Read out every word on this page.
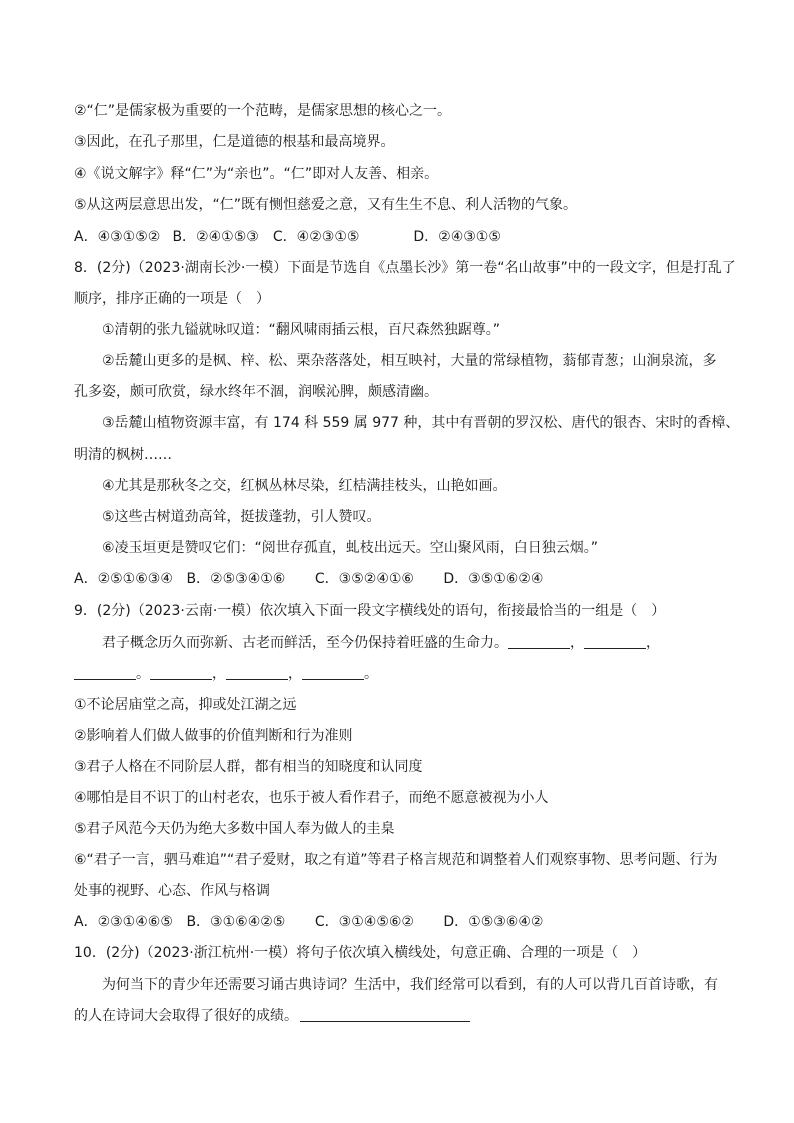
②“仁”是儒家极为重要的一个范畴，是儒家思想的核心之一。
③因此，在孔子那里，仁是道德的根基和最高境界。
④《说文解字》释“仁”为“亲也”。“仁”即对人友善、相亲。
⑤从这两层意思出发，“仁”既有恻怛慈爱之意，又有生生不息、利人活物的气象。
A．④③①⑤② B．②④①⑤③ C．④②③①⑤	D．②④③①⑤
8．(2分)（2023·湖南长沙·一模）下面是节选自《点墨长沙》第一卷“名山故事”中的一段文字，但是打乱了
顺序，排序正确的一项是（　）
①清朝的张九镒就咏叹道：“翻风啸雨插云根，百尺森然独踞尊。”
②岳麓山更多的是枫、梓、松、栗杂落落处，相互映衬，大量的常绿植物，蓊郁青葱；山涧泉流，多
孔多姿，颇可欣赏，绿水终年不涸，润喉沁脾，颇感清幽。
③岳麓山植物资源丰富，有 174 科 559 属 977 种，其中有晋朝的罗汉松、唐代的银杏、宋时的香樟、
明清的枫树……
④尤其是那秋冬之交，红枫丛林尽染，红桔满挂枝头，山艳如画。
⑤这些古树道劲高耸，挺拔蓬勃，引人赞叹。
⑥凌玉垣更是赞叹它们：“阅世存孤直，虬枝出远天。空山聚风雨，白日独云烟。”
A．②⑤①⑥③④ B．②⑤③④①⑥ C．③⑤②④①⑥ D．③⑤①⑥②④
9．(2分)（2023·云南·一模）依次填入下面一段文字横线处的语句，衔接最恰当的一组是（　）
君子概念历久而弥新、古老而鲜活，至今仍保持着旺盛的生命力。	，	，
。	，	，	。
①不论居庙堂之高，抑或处江湖之远
②影响着人们做人做事的价值判断和行为准则
③君子人格在不同阶层人群，都有相当的知晓度和认同度
④哪怕是目不识丁的山村老农，也乐于被人看作君子，而绝不愿意被视为小人
⑤君子风范今天仍为绝大多数中国人奉为做人的圭臬
⑥“君子一言，驷马难追”“君子爱财，取之有道”等君子格言规范和调整着人们观察事物、思考问题、行为
处事的视野、心态、作风与格调
A．②③①④⑥⑤ B．③①⑥④②⑤ C．③①④⑤⑥② D．①⑤③⑥④②
10．(2分)（2023·浙江杭州·一模）将句子依次填入横线处，句意正确、合理的一项是（　）
为何当下的青少年还需要习诵古典诗词？生活中，我们经常可以看到，有的人可以背几百首诗歌，有
的人在诗词大会取得了很好的成绩。
